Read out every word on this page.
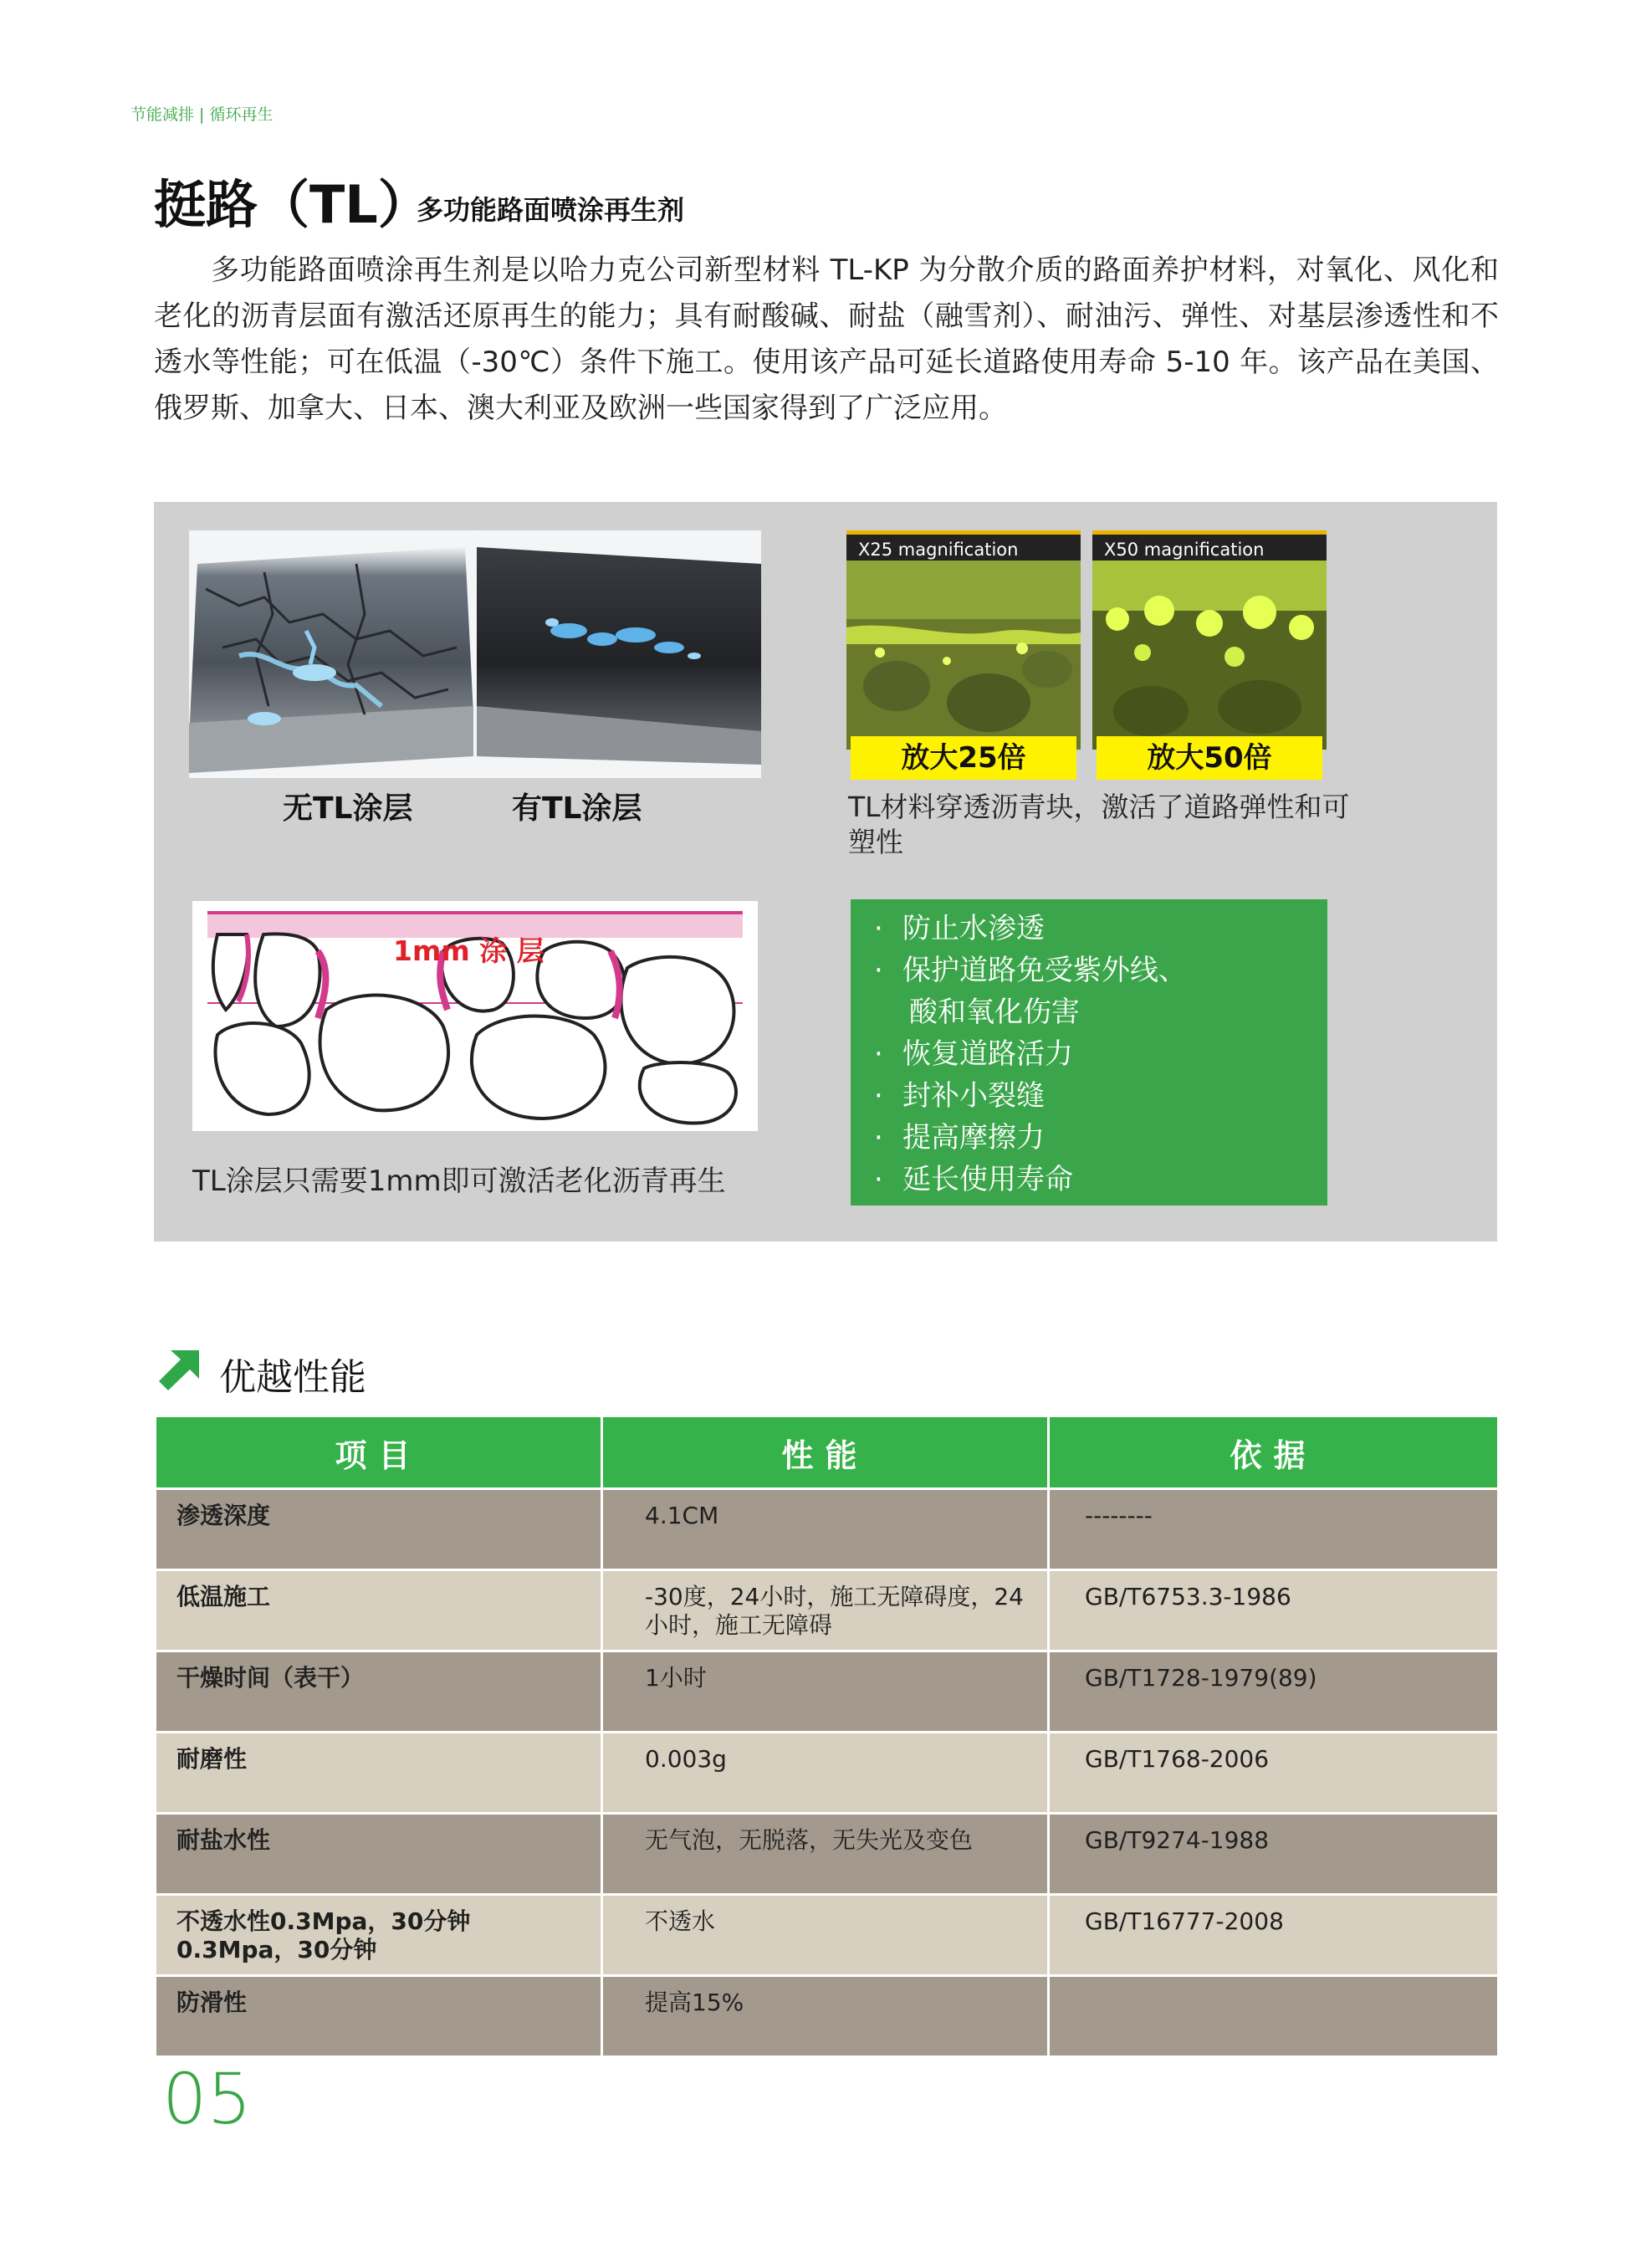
节能减排 | 循环再生
挺路（TL）
多功能路面喷涂再生剂
多功能路面喷涂再生剂是以哈力克公司新型材料 TL-KP 为分散介质的路面养护材料，对氧化、风化和老化的沥青层面有激活还原再生的能力；具有耐酸碱、耐盐（融雪剂）、耐油污、弹性、对基层渗透性和不透水等性能；可在低温（-30℃）条件下施工。使用该产品可延长道路使用寿命 5-10 年。该产品在美国、俄罗斯、加拿大、日本、澳大利亚及欧洲一些国家得到了广泛应用。
无TL涂层	有TL涂层
X25 magnification	X50 magnification
放大25倍	放大50倍
TL材料穿透沥青块，激活了道路弹性和可塑性
1mm 涂 层
TL涂层只需要1mm即可激活老化沥青再生
· 防止水渗透
· 保护道路免受紫外线、
酸和氧化伤害
· 恢复道路活力
· 封补小裂缝
· 提高摩擦力
· 延长使用寿命
优越性能
项目	性能	依据
渗透深度	4.1CM	--------
低温施工	-30度，24小时，施工无障碍度，24小时，施工无障碍	GB/T6753.3-1986
干燥时间（表干）	1小时	GB/T1728-1979(89)
耐磨性	0.003g	GB/T1768-2006
耐盐水性	无气泡，无脱落，无失光及变色	GB/T9274-1988
不透水性0.3Mpa，30分钟0.3Mpa，30分钟	不透水	GB/T16777-2008
防滑性	提高15%	
05
